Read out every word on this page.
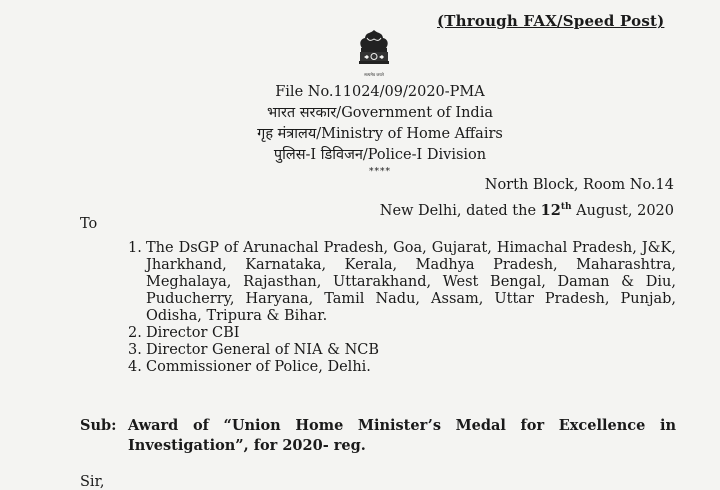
(Through FAX/Speed Post)
सत्यमेव जयते
File No.11024/09/2020-PMA
भारत सरकार/Government of India
गृह मंत्रालय/Ministry of Home Affairs
पुलिस-I डिविजन/Police-I Division
****
North Block, Room No.14
New Delhi, dated the 12th August, 2020
To
1. The DsGP of Arunachal Pradesh, Goa, Gujarat, Himachal Pradesh, J&K, Jharkhand, Karnataka, Kerala, Madhya Pradesh, Maharashtra, Meghalaya, Rajasthan, Uttarakhand, West Bengal, Daman & Diu, Puducherry, Haryana, Tamil Nadu, Assam, Uttar Pradesh, Punjab, Odisha, Tripura & Bihar.
2. Director CBI
3. Director General of NIA & NCB
4. Commissioner of Police, Delhi.
Sub: Award of “Union Home Minister’s Medal for Excellence in Investigation”, for 2020- reg.
Sir,
